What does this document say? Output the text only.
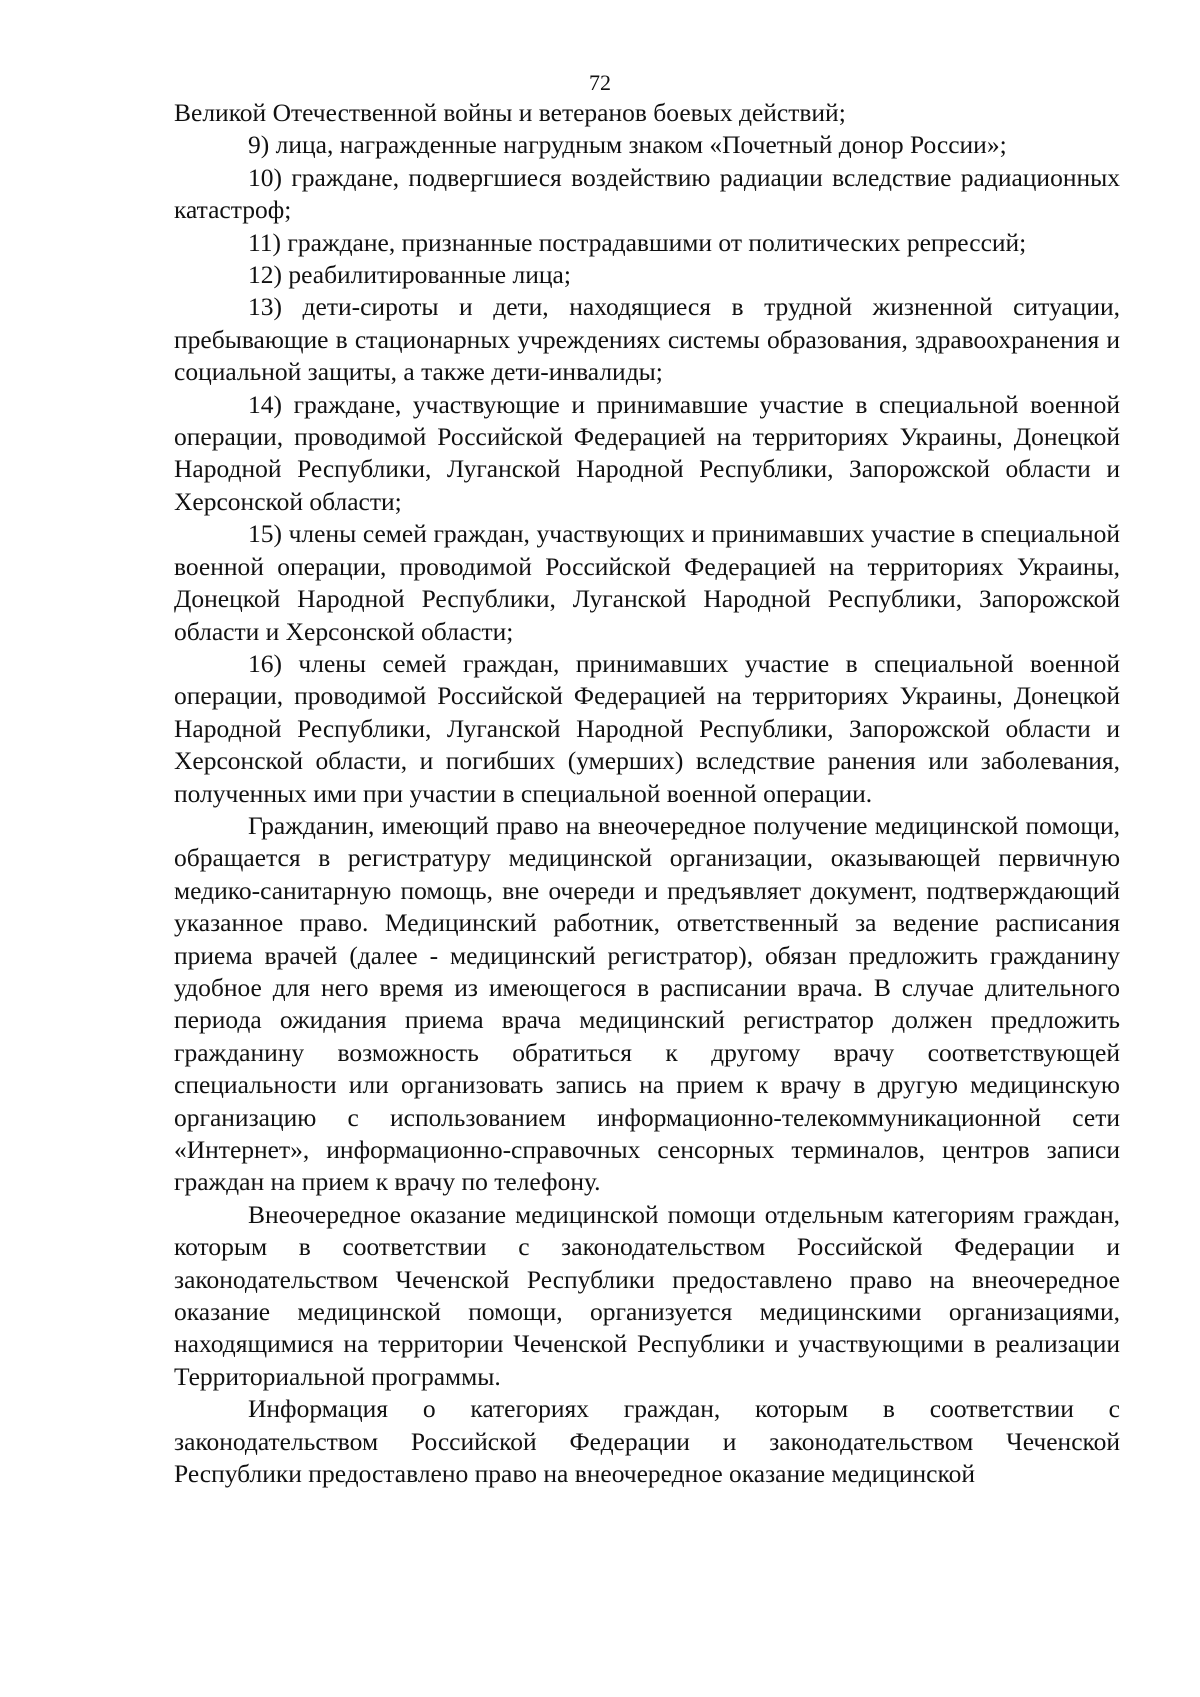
72

Великой Отечественной войны и ветеранов боевых действий;

9) лица, награжденные нагрудным знаком «Почетный донор России»;

10) граждане, подвергшиеся воздействию радиации вследствие радиационных катастроф;

11) граждане, признанные пострадавшими от политических репрессий;

12) реабилитированные лица;

13) дети-сироты и дети, находящиеся в трудной жизненной ситуации, пребывающие в стационарных учреждениях системы образования, здравоохранения и социальной защиты, а также дети-инвалиды;

14) граждане, участвующие и принимавшие участие в специальной военной операции, проводимой Российской Федерацией на территориях Украины, Донецкой Народной Республики, Луганской Народной Республики, Запорожской области и Херсонской области;

15) члены семей граждан, участвующих и принимавших участие в специальной военной операции, проводимой Российской Федерацией на территориях Украины, Донецкой Народной Республики, Луганской Народной Республики, Запорожской области и Херсонской области;

16) члены семей граждан, принимавших участие в специальной военной операции, проводимой Российской Федерацией на территориях Украины, Донецкой Народной Республики, Луганской Народной Республики, Запорожской области и Херсонской области, и погибших (умерших) вследствие ранения или заболевания, полученных ими при участии в специальной военной операции.

Гражданин, имеющий право на внеочередное получение медицинской помощи, обращается в регистратуру медицинской организации, оказывающей первичную медико-санитарную помощь, вне очереди и предъявляет документ, подтверждающий указанное право. Медицинский работник, ответственный за ведение расписания приема врачей (далее - медицинский регистратор), обязан предложить гражданину удобное для него время из имеющегося в расписании врача. В случае длительного периода ожидания приема врача медицинский регистратор должен предложить гражданину возможность обратиться к другому врачу соответствующей специальности или организовать запись на прием к врачу в другую медицинскую организацию с использованием информационно-телекоммуникационной сети «Интернет», информационно-справочных сенсорных терминалов, центров записи граждан на прием к врачу по телефону.

Внеочередное оказание медицинской помощи отдельным категориям граждан, которым в соответствии с законодательством Российской Федерации и законодательством Чеченской Республики предоставлено право на внеочередное оказание медицинской помощи, организуется медицинскими организациями, находящимися на территории Чеченской Республики и участвующими в реализации Территориальной программы.

Информация о категориях граждан, которым в соответствии с законодательством Российской Федерации и законодательством Чеченской Республики предоставлено право на внеочередное оказание медицинской
